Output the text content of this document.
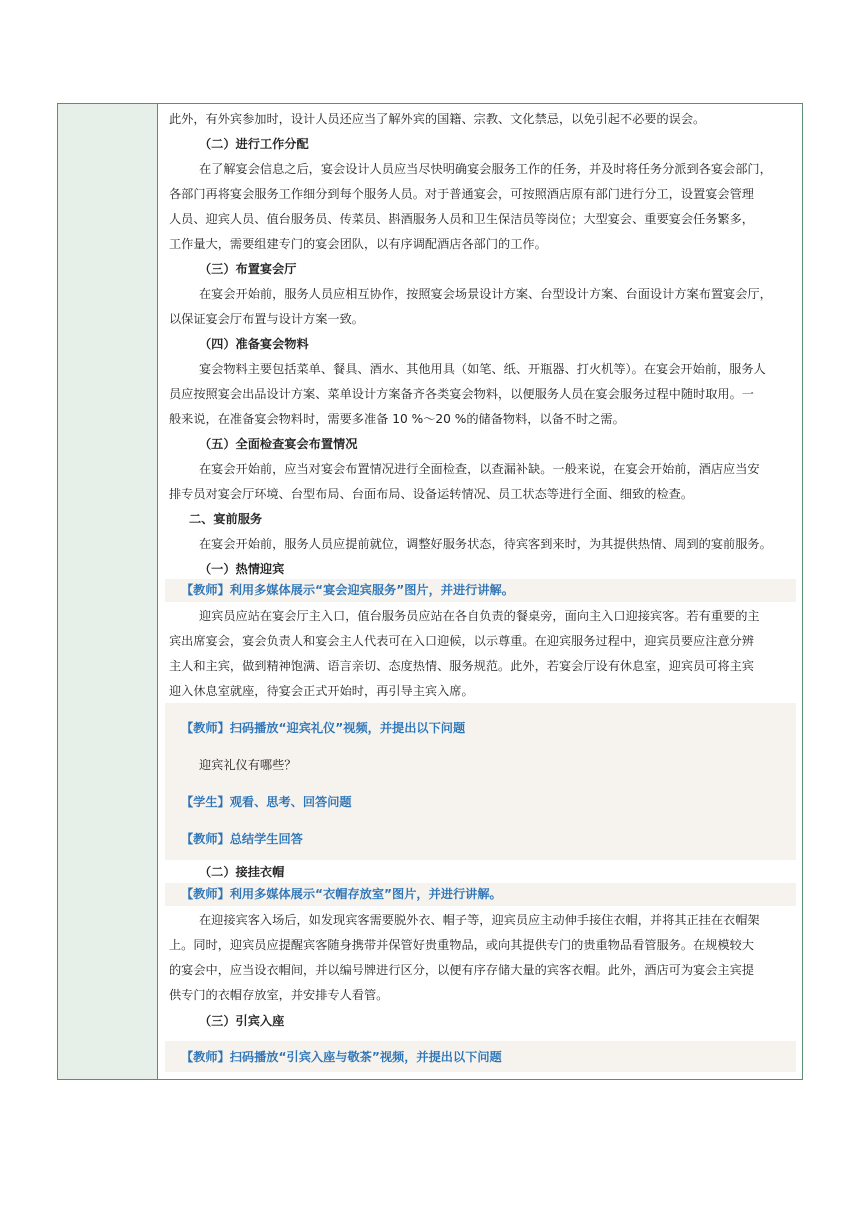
此外，有外宾参加时，设计人员还应当了解外宾的国籍、宗教、文化禁忌，以免引起不必要的误会。
（二）进行工作分配
在了解宴会信息之后，宴会设计人员应当尽快明确宴会服务工作的任务，并及时将任务分派到各宴会部门，
各部门再将宴会服务工作细分到每个服务人员。对于普通宴会，可按照酒店原有部门进行分工，设置宴会管理
人员、迎宾人员、值台服务员、传菜员、斟酒服务人员和卫生保洁员等岗位；大型宴会、重要宴会任务繁多，
工作量大，需要组建专门的宴会团队，以有序调配酒店各部门的工作。
（三）布置宴会厅
在宴会开始前，服务人员应相互协作，按照宴会场景设计方案、台型设计方案、台面设计方案布置宴会厅，
以保证宴会厅布置与设计方案一致。
（四）准备宴会物料
宴会物料主要包括菜单、餐具、酒水、其他用具（如笔、纸、开瓶器、打火机等）。在宴会开始前，服务人
员应按照宴会出品设计方案、菜单设计方案备齐各类宴会物料，以便服务人员在宴会服务过程中随时取用。一
般来说，在准备宴会物料时，需要多准备 10 %～20 %的储备物料，以备不时之需。
（五）全面检查宴会布置情况
在宴会开始前，应当对宴会布置情况进行全面检查，以查漏补缺。一般来说，在宴会开始前，酒店应当安
排专员对宴会厅环境、台型布局、台面布局、设备运转情况、员工状态等进行全面、细致的检查。
二、宴前服务
在宴会开始前，服务人员应提前就位，调整好服务状态，待宾客到来时，为其提供热情、周到的宴前服务。
（一）热情迎宾
【教师】利用多媒体展示“宴会迎宾服务”图片，并进行讲解。
迎宾员应站在宴会厅主入口，值台服务员应站在各自负责的餐桌旁，面向主入口迎接宾客。若有重要的主
宾出席宴会，宴会负责人和宴会主人代表可在入口迎候，以示尊重。在迎宾服务过程中，迎宾员要应注意分辨
主人和主宾，做到精神饱满、语言亲切、态度热情、服务规范。此外，若宴会厅设有休息室，迎宾员可将主宾
迎入休息室就座，待宴会正式开始时，再引导主宾入席。
【教师】扫码播放“迎宾礼仪”视频，并提出以下问题
迎宾礼仪有哪些？
【学生】观看、思考、回答问题
【教师】总结学生回答
（二）接挂衣帽
【教师】利用多媒体展示“衣帽存放室”图片，并进行讲解。
在迎接宾客入场后，如发现宾客需要脱外衣、帽子等，迎宾员应主动伸手接住衣帽，并将其正挂在衣帽架
上。同时，迎宾员应提醒宾客随身携带并保管好贵重物品，或向其提供专门的贵重物品看管服务。在规模较大
的宴会中，应当设衣帽间，并以编号牌进行区分，以便有序存储大量的宾客衣帽。此外，酒店可为宴会主宾提
供专门的衣帽存放室，并安排专人看管。
（三）引宾入座
【教师】扫码播放“引宾入座与敬茶”视频，并提出以下问题
